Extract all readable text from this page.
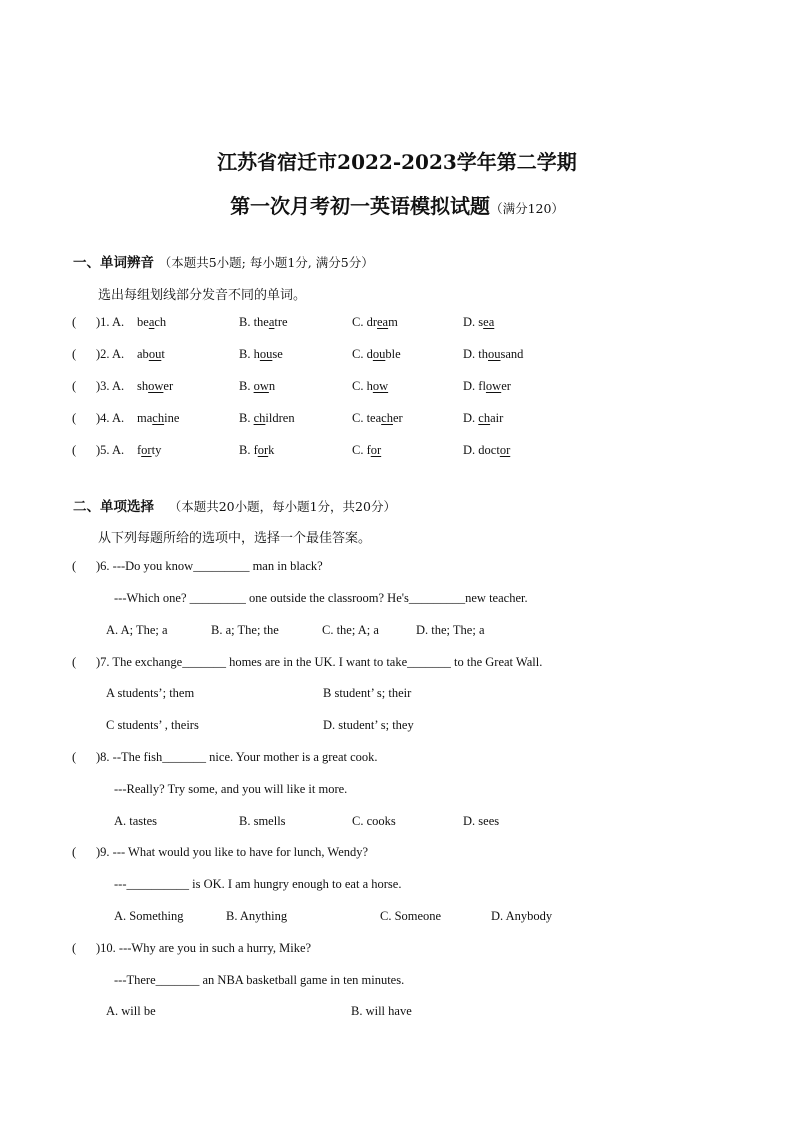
江苏省宿迁市2022-2023学年第二学期
第一次月考初一英语模拟试题（满分120）
一、单词辨音 （本题共5小题; 每小题1分, 满分5分）
选出每组划线部分发音不同的单词。
( )1. A. beach	B. theatre	C. dream	D. sea
( )2. A. about	B. house	C. double	D. thousand
( )3. A. shower	B. own	C. how	D. flower
( )4. A. machine	B. children	C. teacher	D. chair
( )5. A. forty	B. fork	C. for	D. doctor
二、单项选择 （本题共20小题，每小题1分，共20分）
从下列每题所给的选项中，选择一个最佳答案。
( )6. ---Do you know_________ man in black?
---Which one? _________ one outside the classroom? He's_________new teacher.
A. A; The; a	B. a; The; the	C. the; A; a	D. the; The; a
( )7. The exchange_______ homes are in the UK. I want to take_______ to the Great Wall.
A students’; them	B student’ s; their
C students’ , theirs	D. student’ s; they
( )8. --The fish_______ nice. Your mother is a great cook.
---Really? Try some, and you will like it more.
A. tastes	B. smells	C. cooks	D. sees
( )9. --- What would you like to have for lunch, Wendy?
---__________ is OK. I am hungry enough to eat a horse.
A. Something	B. Anything	C. Someone	D. Anybody
( )10. ---Why are you in such a hurry, Mike?
---There_______ an NBA basketball game in ten minutes.
A. will be	B. will have
